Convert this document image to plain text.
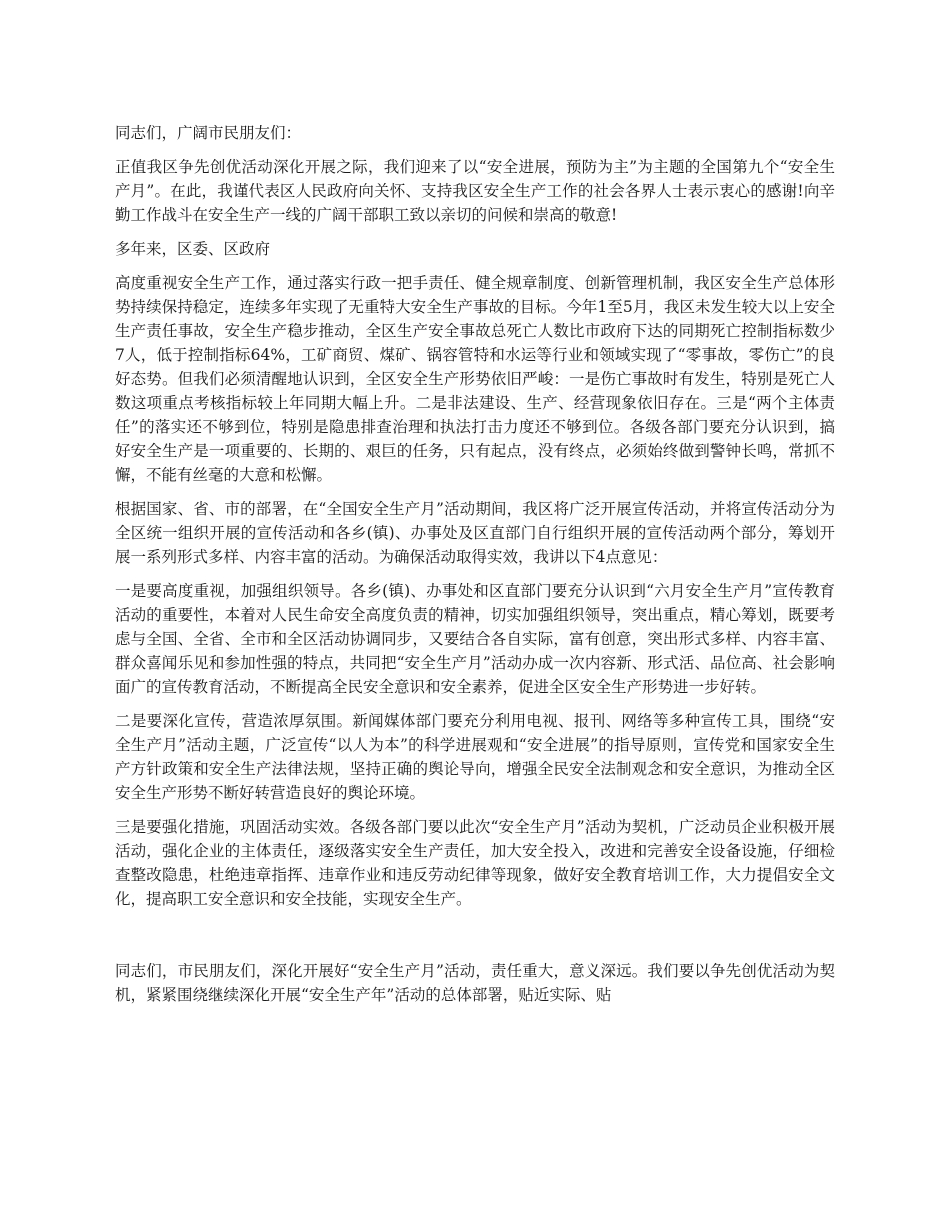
同志们，广阔市民朋友们：

正值我区争先创优活动深化开展之际，我们迎来了以“安全进展，预防为主”为主题的全国第九个“安全生产月”。在此，我谨代表区人民政府向关怀、支持我区安全生产工作的社会各界人士表示衷心的感谢!向辛勤工作战斗在安全生产一线的广阔干部职工致以亲切的问候和崇高的敬意!

多年来，区委、区政府

高度重视安全生产工作，通过落实行政一把手责任、健全规章制度、创新管理机制，我区安全生产总体形势持续保持稳定，连续多年实现了无重特大安全生产事故的目标。今年1至5月，我区未发生较大以上安全生产责任事故，安全生产稳步推动，全区生产安全事故总死亡人数比市政府下达的同期死亡控制指标数少7人，低于控制指标64%，工矿商贸、煤矿、锅容管特和水运等行业和领域实现了“零事故，零伤亡”的良好态势。但我们必须清醒地认识到，全区安全生产形势依旧严峻：一是伤亡事故时有发生，特别是死亡人数这项重点考核指标较上年同期大幅上升。二是非法建设、生产、经营现象依旧存在。三是“两个主体责任”的落实还不够到位，特别是隐患排查治理和执法打击力度还不够到位。各级各部门要充分认识到，搞好安全生产是一项重要的、长期的、艰巨的任务，只有起点，没有终点，必须始终做到警钟长鸣，常抓不懈，不能有丝毫的大意和松懈。

根据国家、省、市的部署，在“全国安全生产月”活动期间，我区将广泛开展宣传活动，并将宣传活动分为全区统一组织开展的宣传活动和各乡(镇)、办事处及区直部门自行组织开展的宣传活动两个部分，筹划开展一系列形式多样、内容丰富的活动。为确保活动取得实效，我讲以下4点意见：

一是要高度重视，加强组织领导。各乡(镇)、办事处和区直部门要充分认识到“六月安全生产月”宣传教育活动的重要性，本着对人民生命安全高度负责的精神，切实加强组织领导，突出重点，精心筹划，既要考虑与全国、全省、全市和全区活动协调同步，又要结合各自实际，富有创意，突出形式多样、内容丰富、群众喜闻乐见和参加性强的特点，共同把“安全生产月”活动办成一次内容新、形式活、品位高、社会影响面广的宣传教育活动，不断提高全民安全意识和安全素养，促进全区安全生产形势进一步好转。

二是要深化宣传，营造浓厚氛围。新闻媒体部门要充分利用电视、报刊、网络等多种宣传工具，围绕“安全生产月”活动主题，广泛宣传“以人为本”的科学进展观和“安全进展”的指导原则，宣传党和国家安全生产方针政策和安全生产法律法规，坚持正确的舆论导向，增强全民安全法制观念和安全意识，为推动全区安全生产形势不断好转营造良好的舆论环境。

三是要强化措施，巩固活动实效。各级各部门要以此次“安全生产月”活动为契机，广泛动员企业积极开展活动，强化企业的主体责任，逐级落实安全生产责任，加大安全投入，改进和完善安全设备设施，仔细检查整改隐患，杜绝违章指挥、违章作业和违反劳动纪律等现象，做好安全教育培训工作，大力提倡安全文化，提高职工安全意识和安全技能，实现安全生产。

同志们，市民朋友们，深化开展好“安全生产月”活动，责任重大，意义深远。我们要以争先创优活动为契机，紧紧围绕继续深化开展“安全生产年”活动的总体部署，贴近实际、贴
